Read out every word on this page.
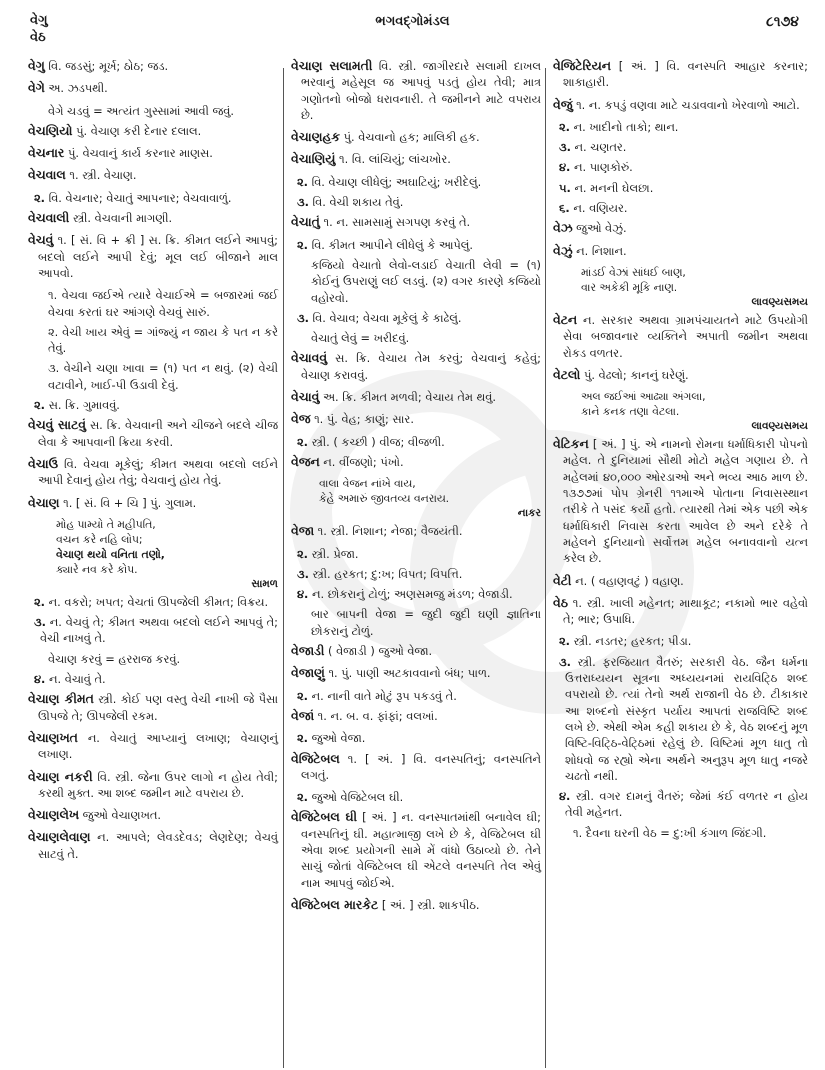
વેગુ
વેઠ
ભગવદ્ગોમંડલ	૮૧૭૪
વેગુ વિ. જડસું; મૂર્ખ; ઠોઠ; જડ.
વેગે અ. ઝડપથી.
વેગે ચડવું = અત્યંત ગુસ્સામાં આવી જવું.
વેચણિયો પું. વેચાણ કરી દેનાર દલાલ.
વેચનાર પું. વેચવાનું કાર્ય કરનાર માણસ.
વેચવાલ ૧. સ્ત્રી. વેચાણ.
૨. વિ. વેચનાર; વેચાતું આપનાર; વેચવાવાળું.
વેચવાલી સ્ત્રી. વેચવાની માગણી.
વેચવું ૧. [ સં. વિ + ક્રી ] સ. ક્રિ. કીમત લઈને આપવું; બદલો લઈને આપી દેવું; મૂલ લઈ બીજાને માલ આપવો.
૧. વેચવા જઈએ ત્યારે વેચાઈએ = બજારમાં જઈ વેચવા કરતાં ઘર આંગણે વેચવું સારું.
૨. વેચી ખાય એવું = ગાંજ્યું ન જાય કે પત ન કરે તેવું.
૩. વેચીને ચણા ખાવા = (૧) પત ન થવું. (૨) વેચી વટાવીને, ખાઈ-પી ઉડાવી દેવું.
૨. સ. ક્રિ. ગુમાવવું.
વેચવું સાટવું સ. ક્રિ. વેચવાની અને ચીજને બદલે ચીજ લેવા કે આપવાની ક્રિયા કરવી.
વેચાઉ વિ. વેચવા મૂકેલું; કીમત અથવા બદલો લઈને આપી દેવાનું હોય તેવું; વેચવાનું હોય તેવું.
વેચાણ ૧. [ સં. વિ + ચિ ] પું. ગુલામ.
મોહ પામ્યો તે મહીપતિ,
વચન કરે નહિ લોપ;
વેચાણ થયો વનિતા તણો,
ક્યારે નવ કરે કોપ.
સામળ
૨. ન. વકરો; ખપત; વેચતાં ઊપજેલી કીમત; વિક્રય.
૩. ન. વેચવું તે; કીમત અથવા બદલો લઈને આપવું તે; વેચી નાખવું તે.
વેચાણ કરવું = હરરાજ કરવું.
૪. ન. વેચાવું તે.
વેચાણ કીમત સ્ત્રી. કોઈ પણ વસ્તુ વેચી નાખી જે પૈસા ઊપજે તે; ઊપજેલી રકમ.
વેચાણખત ન. વેચાતું આપ્યાનું લખાણ; વેચાણનું લખાણ.
વેચાણ નકરી વિ. સ્ત્રી. જેના ઉપર લાગો ન હોય તેવી; કરથી મુક્ત. આ શબ્દ જમીન માટે વપરાય છે.
વેચાણલેખ જુઓ વેચાણખત.
વેચાણલેવાણ ન. આપલે; લેવડદેવડ; લેણદેણ; વેચવું સાટવું તે.
વેચાણ સલામતી વિ. સ્ત્રી. જાગીરદારે સલામી દાખલ ભરવાનું મહેસૂલ જ આપવું પડતું હોય તેવી; માત્ર ગણોતનો બોજો ધરાવનારી. તે જમીનને માટે વપરાય છે.
વેચાણહક પું. વેચવાનો હક; માલિકી હક.
વેચાણિયું ૧. વિ. લાંચિયું; લાંચખોર.
૨. વિ. વેચાણ લીધેલું; અઘાટિયું; ખરીદેલું.
૩. વિ. વેચી શકાય તેવું.
વેચાતું ૧. ન. સામસામું સગપણ કરવું તે.
૨. વિ. કીમત આપીને લીધેલું કે આપેલું.
કજિયો વેચાતો લેવો-લડાઈ વેચાતી લેવી = (૧) કોઈનું ઉપરાણું લઈ લડવું. (૨) વગર કારણે કજિયો વહોરવો.
૩. વિ. વેચાવ; વેચવા મૂકેલું કે કાઢેલું.
વેચાતું લેવું = ખરીદવું.
વેચાવવું સ. ક્રિ. વેચાય તેમ કરવું; વેચવાનું કહેવું; વેચાણ કરાવવું.
વેચાવું અ. ક્રિ. કીમત મળવી; વેચાય તેમ થવું.
વેજ ૧. પું. વેહ; કાણું; સાર.
૨. સ્ત્રી. ( કચ્છી ) વીજ; વીજળી.
વેજન ન. વીંજણો; પંખો.
વાલા વેજન નાંખે વાય,
કેહે અમારું જીવતવ્ય વનરાય.
નાકર
વેજા ૧. સ્ત્રી. નિશાન; નેજા; વૈજયંતી.
૨. સ્ત્રી. પ્રેજા.
૩. સ્ત્રી. હરકત; દુ:ખ; વિપત; વિપત્તિ.
૪. ન. છોકરાનું ટોળું; અણસમજુ મંડળ; વેજાડી.
બાર બાપની વેજા = જુદી જુદી ઘણી જ્ઞાતિના છોકરાનું ટોળું.
વેજાડી ( વેજાડી ) જુઓ વેજા.
વેજાણું ૧. પું. પાણી અટકાવવાનો બંધ; પાળ.
૨. ન. નાની વાતે મોટું રૂપ પકડવું તે.
વેજાં ૧. ન. બ. વ. ફાંફાં; વલખાં.
૨. જુઓ વેજા.
વેજિટેબલ ૧. [ અં. ] વિ. વનસ્પતિનું; વનસ્પતિને લગતું.
૨. જુઓ વેજિટેબલ ઘી.
વેજિટેબલ ઘી [ અં. ] ન. વનસ્પાતમાંથી બનાવેલ ઘી; વનસ્પતિનું ઘી. મહાત્માજી લખે છે કે, વેજિટેબલ ઘી એવા શબ્દ પ્રયોગની સામે મેં વાંધો ઉઠાવ્યો છે. તેને સાચું જોતાં વેજિટેબલ ઘી એટલે વનસ્પતિ તેલ એવું નામ આપવું જોઈએ.
વેજિટેબલ મારકેટ [ અં. ] સ્ત્રી. શાકપીઠ.
વેજિટેરિયન [ અં. ] વિ. વનસ્પતિ આહાર કરનાર; શાકાહારી.
વેજું ૧. ન. કપડું વણવા માટે ચડાવવાનો ખેરવાળો આટો.
૨. ન. ખાદીનો તાકો; થાન.
૩. ન. ચણતર.
૪. ન. પાણકોરું.
૫. ન. મનની ઘેલછા.
૬. ન. વણિયર.
વેઝ જુઓ વેઝું.
વેઝું ન. નિશાન.
માંડઈ વેઝાં સાંધઈ બાણ,
વાર અકેકી મૂકિ નાણ.
લાવણ્યસમય
વેટન ન. સરકાર અથવા ગ્રામપંચાયતને માટે ઉપયોગી સેવા બજાવનાર વ્યક્તિને અપાતી જમીન અથવા રોકડ વળતર.
વેટલો પું. વેઢલો; કાનનું ઘરેણું.
અલ જઈઆં આઢ્યા અંગલા,
કાને કનક તણા વેટલા.
લાવણ્યસમય
વેટિકન [ અં. ] પું. એ નામનો રોમના ધર્માધિકારી પોપનો મહેલ. તે દુનિયામાં સૌથી મોટો મહેલ ગણાય છે. તે મહેલમાં ૪૦,૦૦૦ ઓરડાઓ અને ભવ્ય આઠ માળ છે. ૧૩૭૭માં પોપ ગ્રેનરી ૧૧માએ પોતાના નિવાસસ્થાન તરીકે તે પસંદ કર્યો હતો. ત્યારથી તેમાં એક પછી એક ધર્માધિકારી નિવાસ કરતા આવેલ છે અને દરેકે તે મહેલને દુનિયાનો સર્વોત્તમ મહેલ બનાવવાનો યત્ન કરેલ છે.
વેટી ન. ( વહાણવટું ) વહાણ.
વેઠ ૧. સ્ત્રી. ખાલી મહેનત; માથાકૂટ; નકામો ભાર વહેવો તે; ભાર; ઉપાધિ.
૨. સ્ત્રી. નડતર; હરકત; પીડા.
૩. સ્ત્રી. ફરજિયાત વૈતરું; સરકારી વેઠ. જૈન ધર્મના ઉત્તરાધ્યયન સૂત્રના અધ્યયનમાં રાયવિટ્ઠિ શબ્દ વપરાયો છે. ત્યાં તેનો અર્થ રાજાની વેઠ છે. ટીકાકાર આ શબ્દનો સંસ્કૃત પર્યાય આપતાં રાજવિષ્ટિ શબ્દ લખે છે. એથી એમ કહી શકાય છે કે, વેઠ શબ્દનું મૂળ વિષ્ટિ-વિટ્ઠિ-વેટ્ઠિમાં રહેલું છે. વિષ્ટિમાં મૂળ ધાતુ તો શોધવો જ રહ્યો એના અર્થને અનુરૂપ મૂળ ધાતુ નજરે ચઢતો નથી.
૪. સ્ત્રી. વગર દામનું વૈતરું; જેમાં કંઈ વળતર ન હોય તેવી મહેનત.
૧. દૈવના ઘરની વેઠ = દુ:ખી કંગાળ જિંદગી.
